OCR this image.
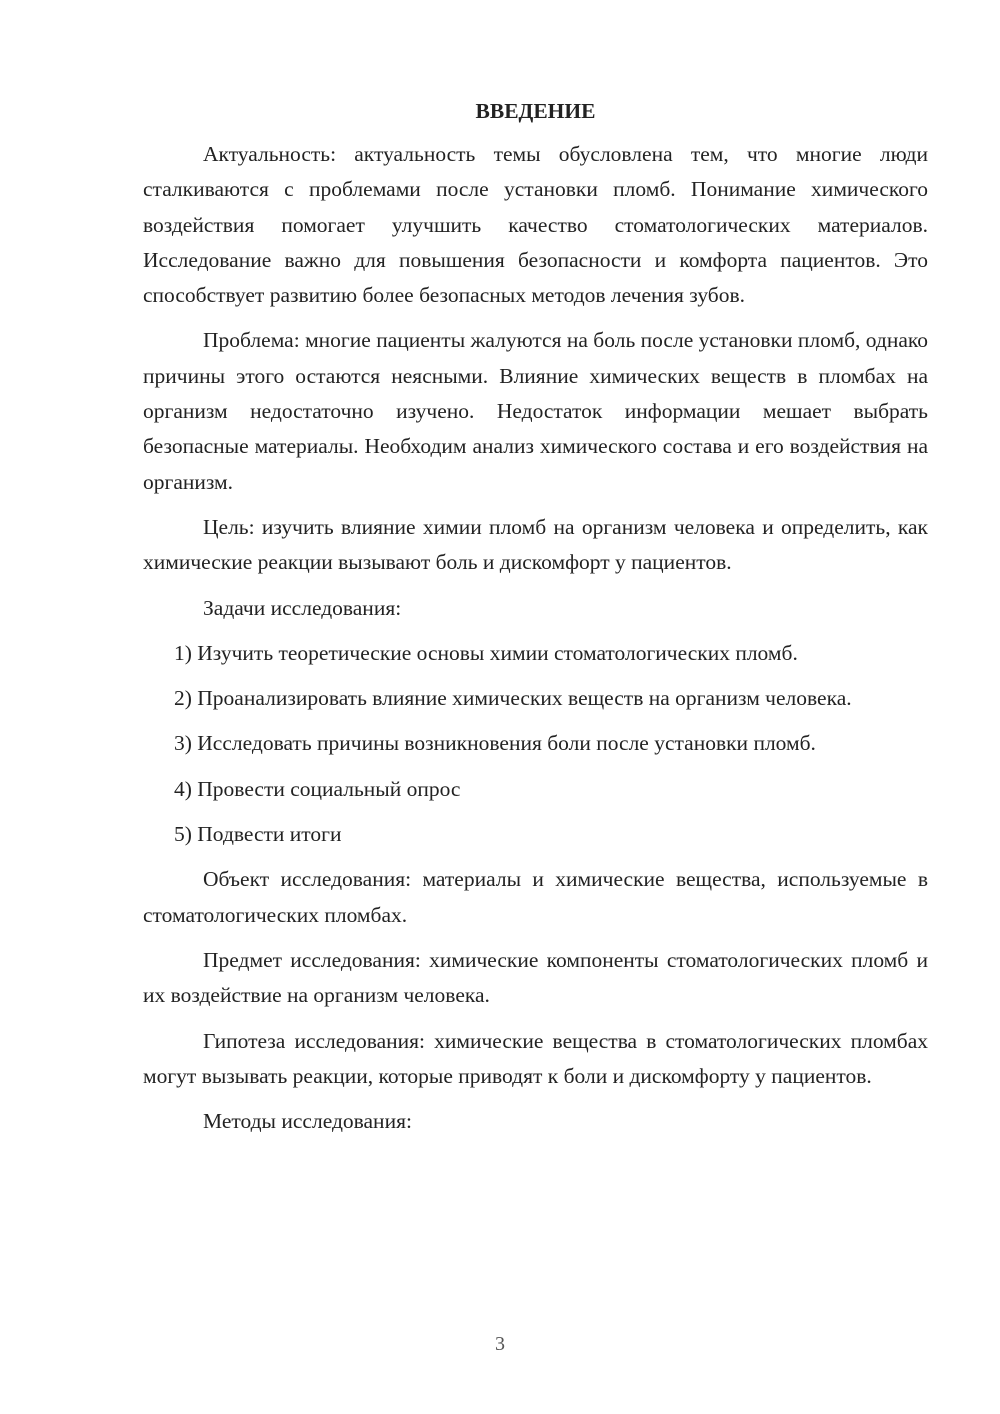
ВВЕДЕНИЕ

Актуальность: актуальность темы обусловлена тем, что многие люди сталкиваются с проблемами после установки пломб. Понимание химического воздействия помогает улучшить качество стоматологических материалов. Исследование важно для повышения безопасности и комфорта пациентов. Это способствует развитию более безопасных методов лечения зубов.

Проблема: многие пациенты жалуются на боль после установки пломб, однако причины этого остаются неясными. Влияние химических веществ в пломбах на организм недостаточно изучено. Недостаток информации мешает выбрать безопасные материалы. Необходим анализ химического состава и его воздействия на организм.

Цель: изучить влияние химии пломб на организм человека и определить, как химические реакции вызывают боль и дискомфорт у пациентов.

Задачи исследования:

1) Изучить теоретические основы химии стоматологических пломб.

2) Проанализировать влияние химических веществ на организм человека.

3) Исследовать причины возникновения боли после установки пломб.

4) Провести социальный опрос

5) Подвести итоги

Объект исследования: материалы и химические вещества, используемые в стоматологических пломбах.

Предмет исследования: химические компоненты стоматологических пломб и их воздействие на организм человека.

Гипотеза исследования: химические вещества в стоматологических пломбах могут вызывать реакции, которые приводят к боли и дискомфорту у пациентов.

Методы исследования:

3
